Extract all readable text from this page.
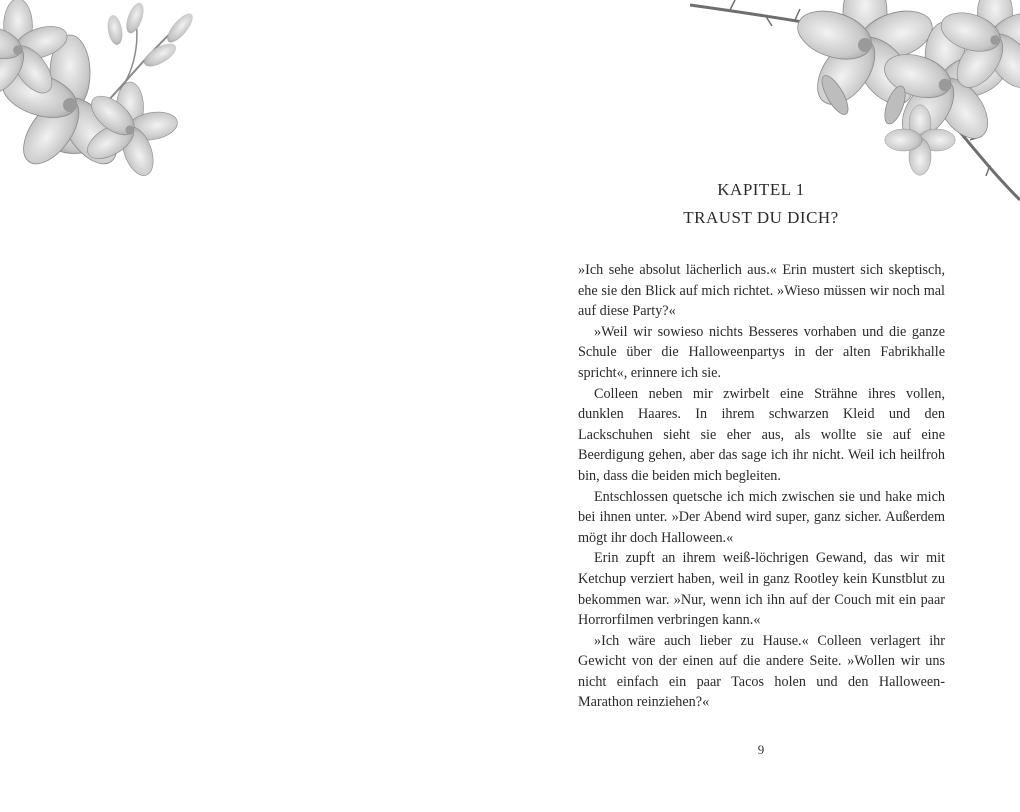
KAPITEL 1
TRAUST DU DICH?

»Ich sehe absolut lächerlich aus.« Erin mustert sich skeptisch, ehe sie den Blick auf mich richtet. »Wieso müssen wir noch mal auf diese Party?«

»Weil wir sowieso nichts Besseres vorhaben und die ganze Schule über die Halloweenpartys in der alten Fabrikhalle spricht«, erinnere ich sie.

Colleen neben mir zwirbelt eine Strähne ihres vollen, dunklen Haares. In ihrem schwarzen Kleid und den Lackschuhen sieht sie eher aus, als wollte sie auf eine Beerdigung gehen, aber das sage ich ihr nicht. Weil ich heilfroh bin, dass die beiden mich begleiten.

Entschlossen quetsche ich mich zwischen sie und hake mich bei ihnen unter. »Der Abend wird super, ganz sicher. Außerdem mögt ihr doch Halloween.«

Erin zupft an ihrem weiß-löchrigen Gewand, das wir mit Ketchup verziert haben, weil in ganz Rootley kein Kunstblut zu bekommen war. »Nur, wenn ich ihn auf der Couch mit ein paar Horrorfilmen verbringen kann.«

»Ich wäre auch lieber zu Hause.« Colleen verlagert ihr Gewicht von der einen auf die andere Seite. »Wollen wir uns nicht einfach ein paar Tacos holen und den Halloween-Marathon reinziehen?«

9
